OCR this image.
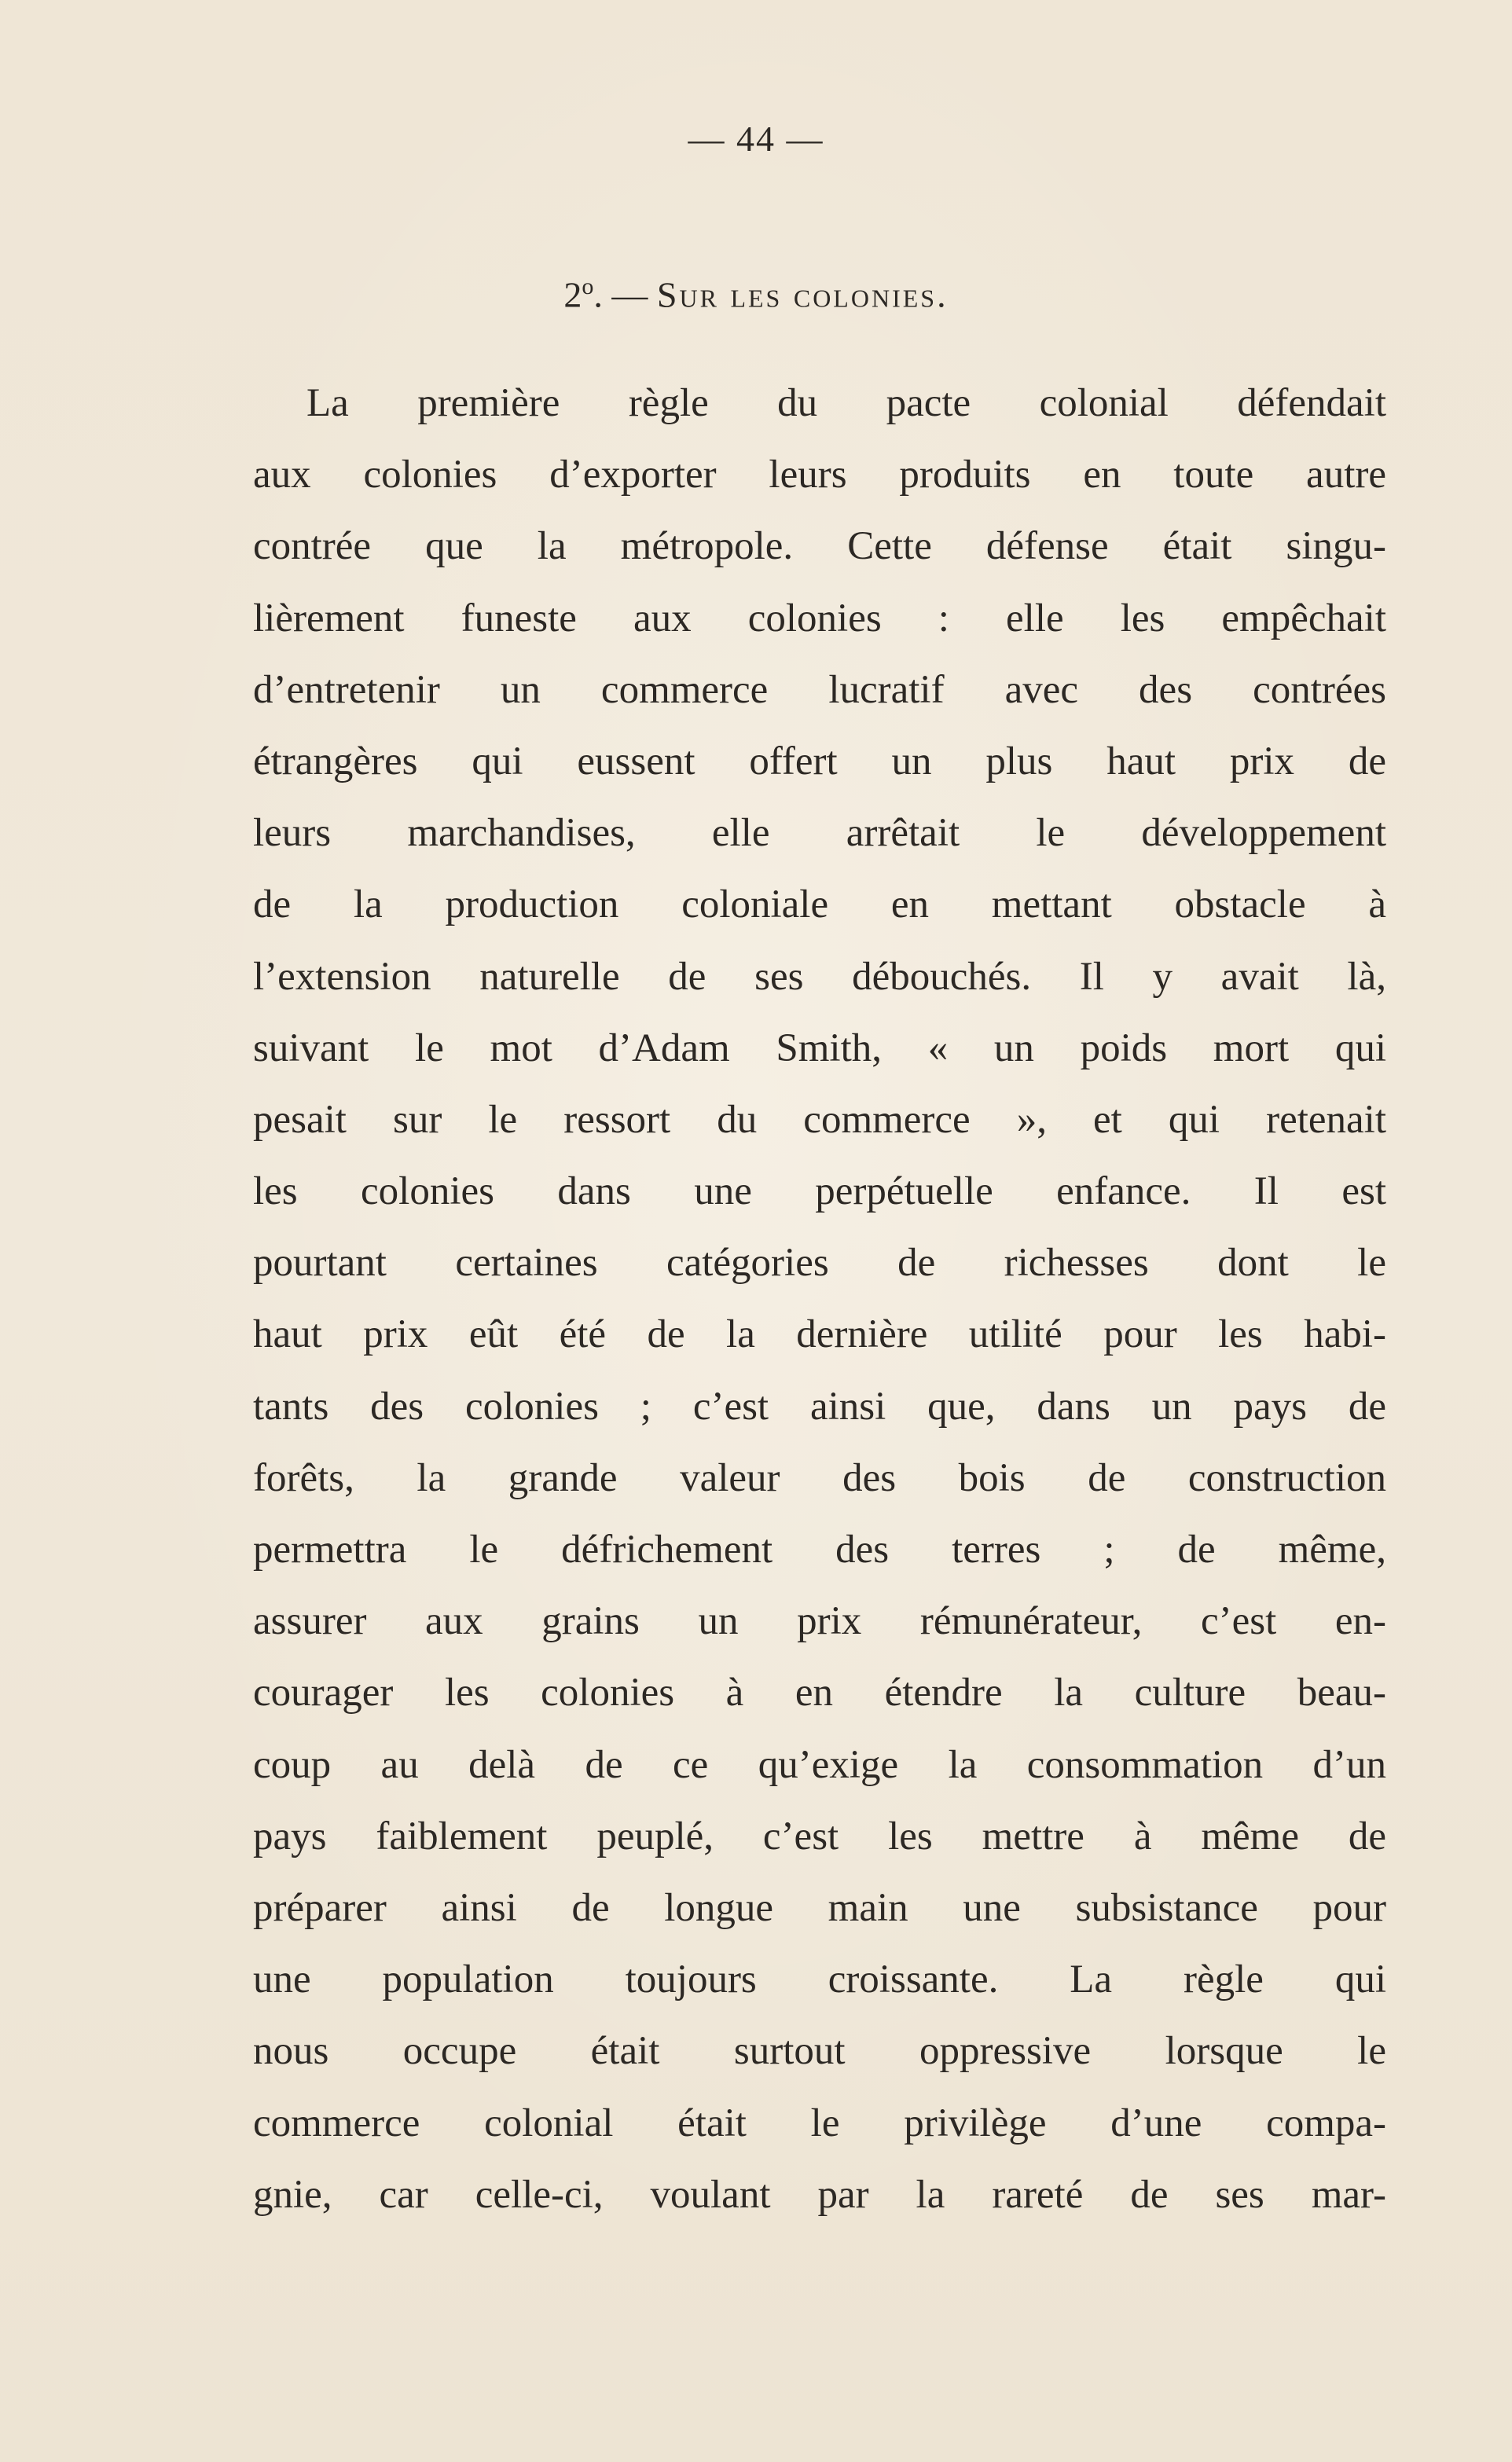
— 44 —
2$^o$. — Sur les colonies.
La première règle du pacte colonial défendait
aux colonies d’exporter leurs produits en toute autre
contrée que la métropole. Cette défense était singu-
lièrement funeste aux colonies : elle les empêchait
d’entretenir un commerce lucratif avec des contrées
étrangères qui eussent offert un plus haut prix de
leurs marchandises, elle arrêtait le développement
de la production coloniale en mettant obstacle à
l’extension naturelle de ses débouchés. Il y avait là,
suivant le mot d’Adam Smith, « un poids mort qui
pesait sur le ressort du commerce », et qui retenait
les colonies dans une perpétuelle enfance. Il est
pourtant certaines catégories de richesses dont le
haut prix eût été de la dernière utilité pour les habi-
tants des colonies ; c’est ainsi que, dans un pays de
forêts, la grande valeur des bois de construction
permettra le défrichement des terres ; de même,
assurer aux grains un prix rémunérateur, c’est en-
courager les colonies à en étendre la culture beau-
coup au delà de ce qu’exige la consommation d’un
pays faiblement peuplé, c’est les mettre à même de
préparer ainsi de longue main une subsistance pour
une population toujours croissante. La règle qui
nous occupe était surtout oppressive lorsque le
commerce colonial était le privilège d’une compa-
gnie, car celle-ci, voulant par la rareté de ses mar-
